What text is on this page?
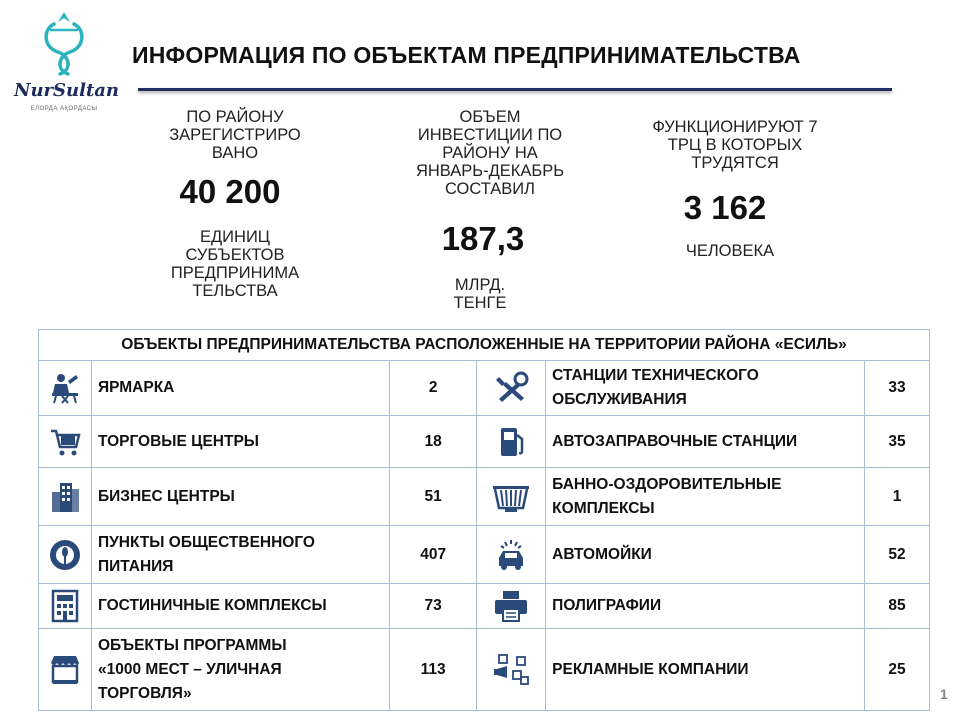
NurSultan
ЕЛОРДА АҚОРДАСЫ
ИНФОРМАЦИЯ ПО ОБЪЕКТАМ ПРЕДПРИНИМАТЕЛЬСТВА
ПО РАЙОНУ
ЗАРЕГИСТРИРО
ВАНО
40 200
ЕДИНИЦ
СУБЪЕКТОВ
ПРЕДПРИНИМА
ТЕЛЬСТВА
ОБЪЕМ
ИНВЕСТИЦИИ ПО
РАЙОНУ НА
ЯНВАРЬ-ДЕКАБРЬ
СОСТАВИЛ
187,3
МЛРД.
ТЕНГЕ
ФУНКЦИОНИРУЮТ 7
ТРЦ В КОТОРЫХ
ТРУДЯТСЯ
3 162
ЧЕЛОВЕКА
ОБЪЕКТЫ ПРЕДПРИНИМАТЕЛЬСТВА РАСПОЛОЖЕННЫЕ НА ТЕРРИТОРИИ РАЙОНА «ЕСИЛЬ»					
	ЯРМАРКА	2		СТАНЦИИ ТЕХНИЧЕСКОГО
ОБСЛУЖИВАНИЯ	33
	ТОРГОВЫЕ ЦЕНТРЫ	18		АВТОЗАПРАВОЧНЫЕ СТАНЦИИ	35
	БИЗНЕС ЦЕНТРЫ	51		БАННО-ОЗДОРОВИТЕЛЬНЫЕ
КОМПЛЕКСЫ	1
	ПУНКТЫ ОБЩЕСТВЕННОГО
ПИТАНИЯ	407		АВТОМОЙКИ	52
	ГОСТИНИЧНЫЕ КОМПЛЕКСЫ	73		ПОЛИГРАФИИ	85
	ОБЪЕКТЫ ПРОГРАММЫ
«1000 МЕСТ – УЛИЧНАЯ
ТОРГОВЛЯ»	113		РЕКЛАМНЫЕ КОМПАНИИ	25
1
